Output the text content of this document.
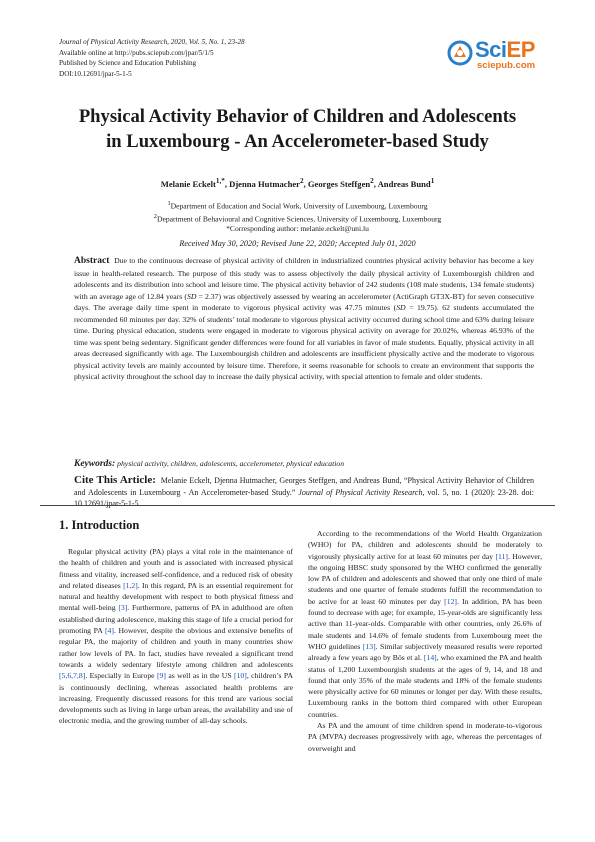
Journal of Physical Activity Research, 2020, Vol. 5, No. 1, 23-28
Available online at http://pubs.sciepub.com/jpar/5/1/5
Published by Science and Education Publishing
DOI:10.12691/jpar-5-1-5
SciEP
sciepub.com
Physical Activity Behavior of Children and Adolescents
in Luxembourg - An Accelerometer-based Study
Melanie Eckelt$^{1,*}$, Djenna Hutmacher$^2$, Georges Steffgen$^2$, Andreas Bund$^1$
$^1$Department of Education and Social Work, University of Luxembourg, Luxembourg
$^2$Department of Behavioural and Cognitive Sciences, University of Luxembourg, Luxembourg
*Corresponding author: melanie.eckelt@uni.lu
Received May 30, 2020; Revised June 22, 2020; Accepted July 01, 2020
Abstract Due to the continuous decrease of physical activity of children in industrialized countries physical activity behavior has become a key issue in health-related research. The purpose of this study was to assess objectively the daily physical activity of Luxembourgish children and adolescents and its distribution into school and leisure time. The physical activity behavior of 242 students (108 male students, 134 female students) with an average age of 12.84 years (SD = 2.37) was objectively assessed by wearing an accelerometer (ActiGraph GT3X-BT) for seven consecutive days. The average daily time spent in moderate to vigorous physical activity was 47.75 minutes (SD = 19.75). 62 students accumulated the recommended 60 minutes per day. 32% of students’ total moderate to vigorous physical activity occurred during school time and 63% during leisure time. During physical education, students were engaged in moderate to vigorous physical activity on average for 20.02%, whereas 46.93% of the time was spent being sedentary. Significant gender differences were found for all variables in favor of male students. Equally, physical activity in all areas decreased significantly with age. The Luxembourgish children and adolescents are insufficient physically active and the moderate to vigorous physical activity levels are mainly accounted by leisure time. Therefore, it seems reasonable for schools to create an environment that supports the physical activity throughout the school day to increase the daily physical activity, with special attention to female and older students.
Keywords: physical activity, children, adolescents, accelerometer, physical education
Cite This Article: Melanie Eckelt, Djenna Hutmacher, Georges Steffgen, and Andreas Bund, “Physical Activity Behavior of Children and Adolescents in Luxembourg - An Accelerometer-based Study.” Journal of Physical Activity Research, vol. 5, no. 1 (2020): 23-28. doi: 10.12691/jpar-5-1-5.
1. Introduction

Regular physical activity (PA) plays a vital role in the maintenance of the health of children and youth and is associated with increased physical fitness and vitality, increased self-confidence, and a reduced risk of obesity and related diseases [1,2]. In this regard, PA is an essential requirement for natural and healthy development with respect to both physical fitness and mental well-being [3]. Furthermore, patterns of PA in adulthood are often established during adolescence, making this stage of life a crucial period for promoting PA [4]. However, despite the obvious and extensive benefits of regular PA, the majority of children and youth in many countries show rather low levels of PA. In fact, studies have revealed a significant trend towards a widely sedentary lifestyle among children and adolescents [5,6,7,8]. Especially in Europe [9] as well as in the US [10], children’s PA is continuously declining, whereas associated health problems are increasing. Frequently discussed reasons for this trend are various social developments such as living in large urban areas, the availability and use of electronic media, and the growing number of all-day schools.

According to the recommendations of the World Health Organization (WHO) for PA, children and adolescents should be moderately to vigorously physically active for at least 60 minutes per day [11]. However, the ongoing HBSC study sponsored by the WHO confirmed the generally low PA of children and adolescents and showed that only one third of male students and one quarter of female students fulfill the recommendation to be active for at least 60 minutes per day [12]. In addition, PA has been found to decrease with age; for example, 15-year-olds are significantly less active than 11-year-olds. Comparable with other countries, only 26.6% of male students and 14.6% of female students from Luxembourg meet the WHO guidelines [13]. Similar subjectively measured results were reported already a few years ago by Bös et al. [14], who examined the PA and health status of 1,200 Luxembourgish students at the ages of 9, 14, and 18 and found that only 35% of the male students and 18% of the female students were physically active for 60 minutes or longer per day. With these results, Luxembourg ranks in the bottom third compared with other European countries.

As PA and the amount of time children spend in moderate-to-vigorous PA (MVPA) decreases progressively with age, whereas the percentages of overweight and
